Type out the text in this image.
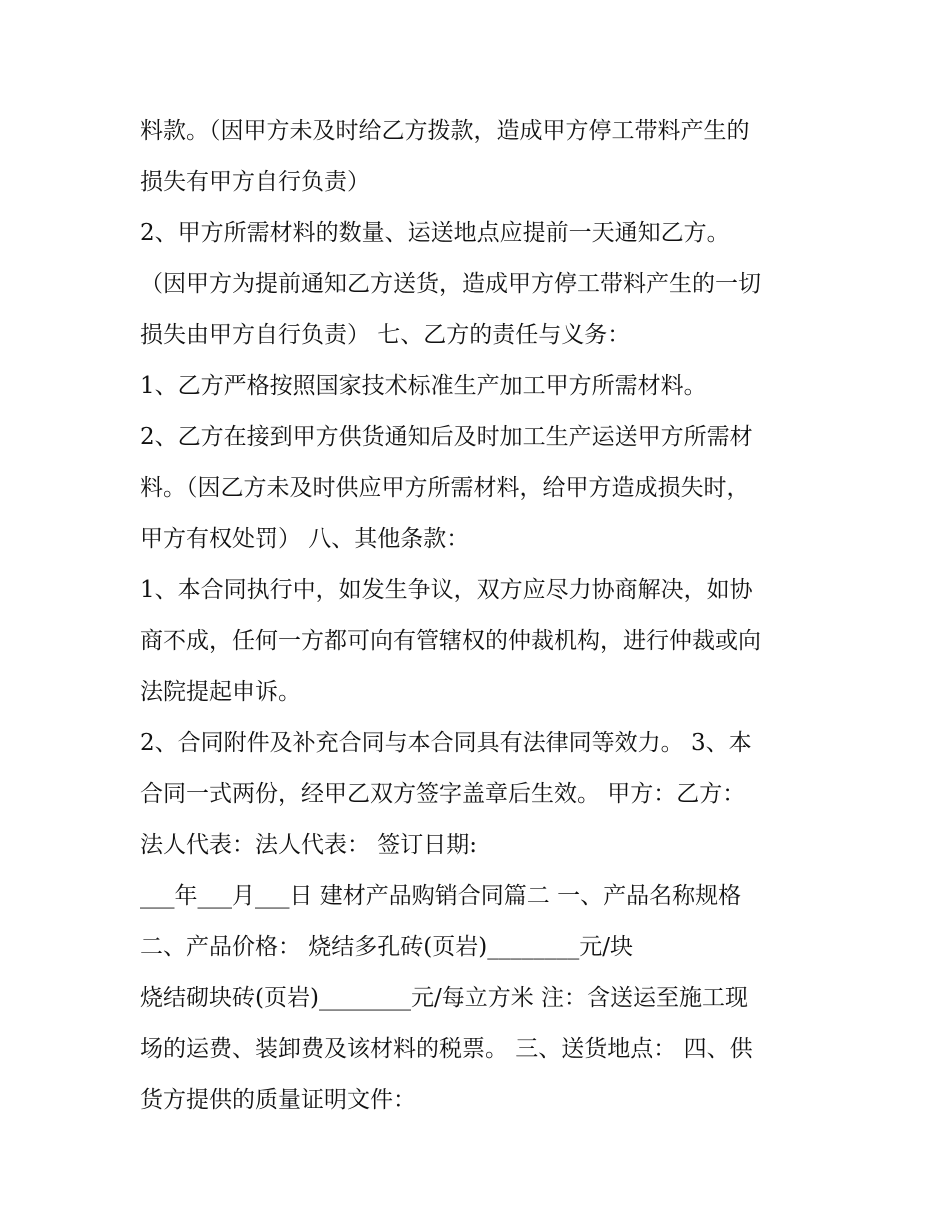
料款。（因甲方未及时给乙方拨款，造成甲方停工带料产生的
损失有甲方自行负责）
2、甲方所需材料的数量、运送地点应提前一天通知乙方。
（因甲方为提前通知乙方送货，造成甲方停工带料产生的一切
损失由甲方自行负责） 七、乙方的责任与义务：
1、乙方严格按照国家技术标准生产加工甲方所需材料。
2、乙方在接到甲方供货通知后及时加工生产运送甲方所需材
料。（因乙方未及时供应甲方所需材料，给甲方造成损失时，
甲方有权处罚） 八、其他条款：
1、本合同执行中，如发生争议，双方应尽力协商解决，如协
商不成，任何一方都可向有管辖权的仲裁机构，进行仲裁或向
法院提起申诉。
2、合同附件及补充合同与本合同具有法律同等效力。 3、本
合同一式两份，经甲乙双方签字盖章后生效。 甲方：乙方：
法人代表：法人代表： 签订日期:
___年___月___日 建材产品购销合同篇二 一、产品名称规格
二、产品价格： 烧结多孔砖(页岩)________元/块
烧结砌块砖(页岩)________元/每立方米 注：含送运至施工现
场的运费、装卸费及该材料的税票。 三、送货地点： 四、供
货方提供的质量证明文件：
